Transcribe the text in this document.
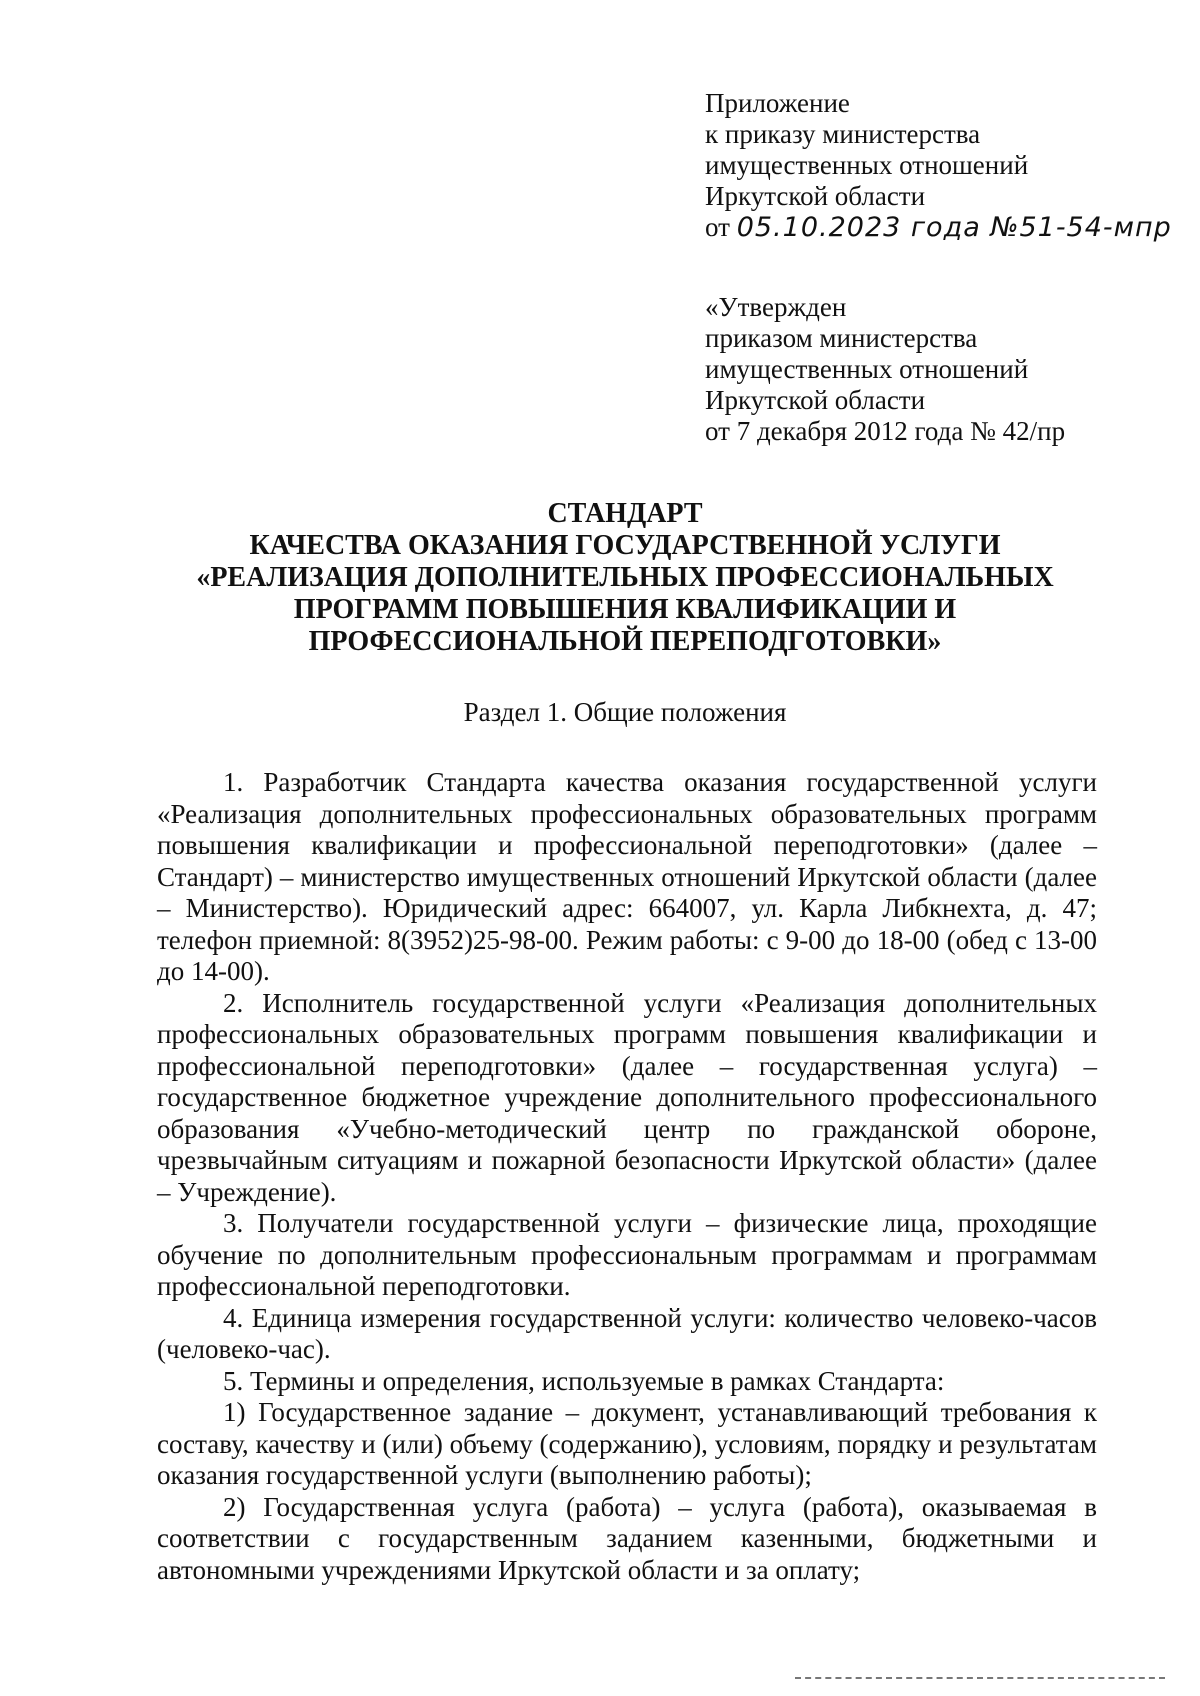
Приложение
к приказу министерства
имущественных отношений
Иркутской области
от 05.10.2023 года №51-54-мпр
«Утвержден
приказом министерства
имущественных отношений
Иркутской области
от 7 декабря 2012 года № 42/пр
СТАНДАРТ
КАЧЕСТВА ОКАЗАНИЯ ГОСУДАРСТВЕННОЙ УСЛУГИ
«РЕАЛИЗАЦИЯ ДОПОЛНИТЕЛЬНЫХ ПРОФЕССИОНАЛЬНЫХ
ПРОГРАММ ПОВЫШЕНИЯ КВАЛИФИКАЦИИ И
ПРОФЕССИОНАЛЬНОЙ ПЕРЕПОДГОТОВКИ»
Раздел 1. Общие положения

1. Разработчик Стандарта качества оказания государственной услуги «Реализация дополнительных профессиональных образовательных программ повышения квалификации и профессиональной переподготовки» (далее – Стандарт) – министерство имущественных отношений Иркутской области (далее – Министерство). Юридический адрес: 664007, ул. Карла Либкнехта, д. 47; телефон приемной: 8(3952)25-98-00. Режим работы: с 9-00 до 18-00 (обед с 13-00 до 14-00).

2. Исполнитель государственной услуги «Реализация дополнительных профессиональных образовательных программ повышения квалификации и профессиональной переподготовки» (далее – государственная услуга) – государственное бюджетное учреждение дополнительного профессионального образования «Учебно-методический центр по гражданской обороне, чрезвычайным ситуациям и пожарной безопасности Иркутской области» (далее – Учреждение).

3. Получатели государственной услуги – физические лица, проходящие обучение по дополнительным профессиональным программам и программам профессиональной переподготовки.

4. Единица измерения государственной услуги: количество человеко-часов (человеко-час).

5. Термины и определения, используемые в рамках Стандарта:

1) Государственное задание – документ, устанавливающий требования к составу, качеству и (или) объему (содержанию), условиям, порядку и результатам оказания государственной услуги (выполнению работы);

2) Государственная услуга (работа) – услуга (работа), оказываемая в соответствии с государственным заданием казенными, бюджетными и автономными учреждениями Иркутской области и за оплату;
